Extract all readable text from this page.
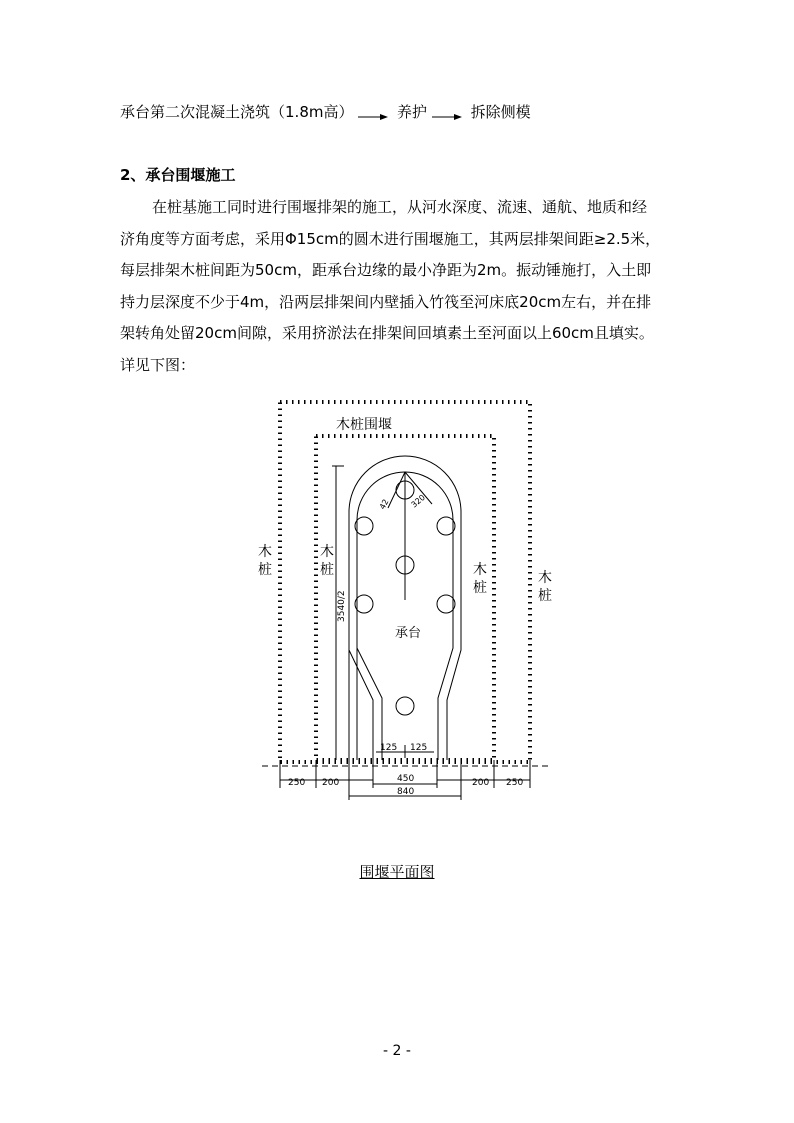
承台第二次混凝土浇筑（1.8m高）	养护	拆除侧模
2、承台围堰施工

在桩基施工同时进行围堰排架的施工，从河水深度、流速、通航、地质和经

济角度等方面考虑，采用Φ15cm的圆木进行围堰施工，其两层排架间距≥2.5米，

每层排架木桩间距为50cm，距承台边缘的最小净距为2m。振动锤施打，入土即

持力层深度不少于4m，沿两层排架间内壁插入竹筏至河床底20cm左右，并在排

架转角处留20cm间隙，采用挤淤法在排架间回填素土至河面以上60cm且填实。

详见下图：

42 320
3540/2
125 125
250 200	450
840
200 250
木桩围堰
承台
木桩
木桩	木桩
木桩
围堰平面图
- 2 -
